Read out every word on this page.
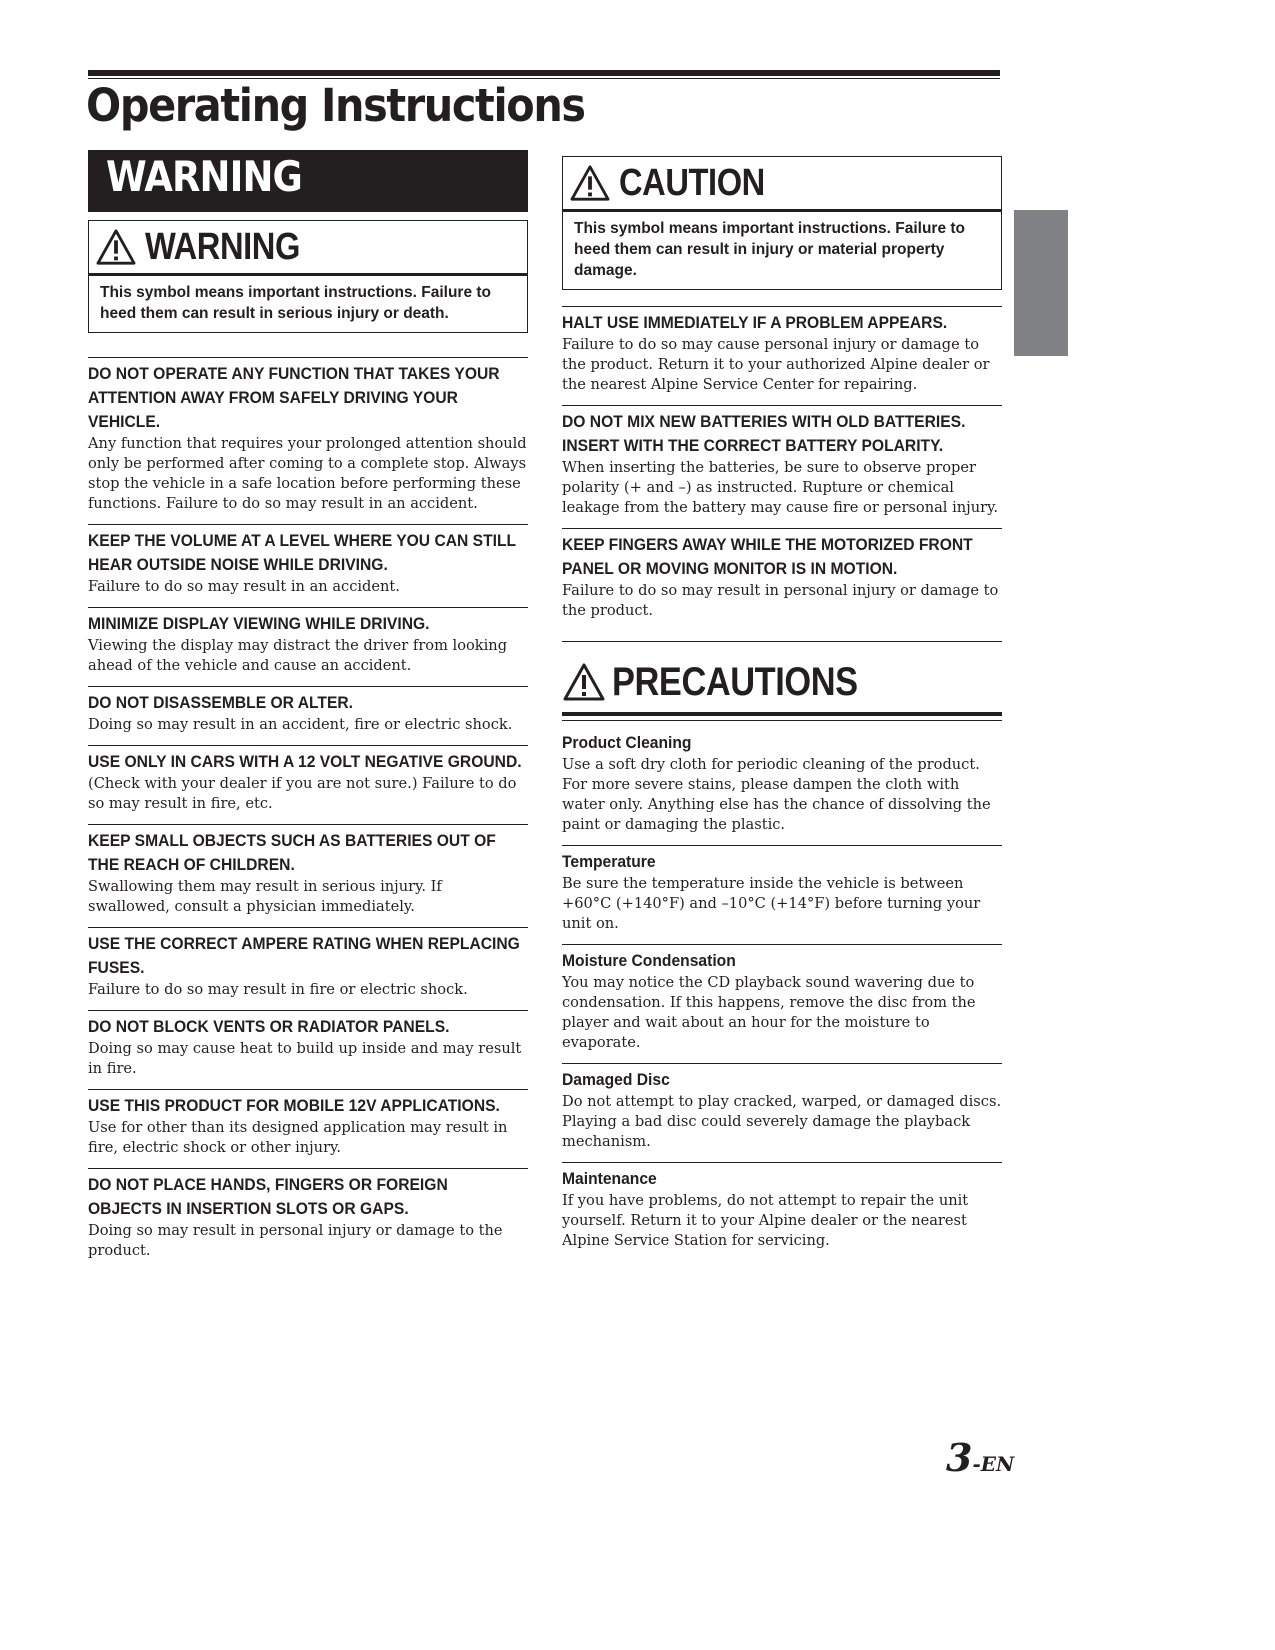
Operating Instructions
WARNING
WARNING
This symbol means important instructions. Failure to heed them can result in serious injury or death.
DO NOT OPERATE ANY FUNCTION THAT TAKES YOUR ATTENTION AWAY FROM SAFELY DRIVING YOUR VEHICLE.

Any function that requires your prolonged attention should only be performed after coming to a complete stop. Always stop the vehicle in a safe location before performing these functions. Failure to do so may result in an accident.

KEEP THE VOLUME AT A LEVEL WHERE YOU CAN STILL HEAR OUTSIDE NOISE WHILE DRIVING.

Failure to do so may result in an accident.

MINIMIZE DISPLAY VIEWING WHILE DRIVING.

Viewing the display may distract the driver from looking ahead of the vehicle and cause an accident.

DO NOT DISASSEMBLE OR ALTER.

Doing so may result in an accident, fire or electric shock.

USE ONLY IN CARS WITH A 12 VOLT NEGATIVE GROUND.

(Check with your dealer if you are not sure.) Failure to do so may result in fire, etc.

KEEP SMALL OBJECTS SUCH AS BATTERIES OUT OF THE REACH OF CHILDREN.

Swallowing them may result in serious injury. If swallowed, consult a physician immediately.

USE THE CORRECT AMPERE RATING WHEN REPLACING FUSES.

Failure to do so may result in fire or electric shock.

DO NOT BLOCK VENTS OR RADIATOR PANELS.

Doing so may cause heat to build up inside and may result in fire.

USE THIS PRODUCT FOR MOBILE 12V APPLICATIONS.

Use for other than its designed application may result in fire, electric shock or other injury.

DO NOT PLACE HANDS, FINGERS OR FOREIGN OBJECTS IN INSERTION SLOTS OR GAPS.

Doing so may result in personal injury or damage to the product.

CAUTION
This symbol means important instructions. Failure to heed them can result in injury or material property damage.
HALT USE IMMEDIATELY IF A PROBLEM APPEARS.

Failure to do so may cause personal injury or damage to the product. Return it to your authorized Alpine dealer or the nearest Alpine Service Center for repairing.

DO NOT MIX NEW BATTERIES WITH OLD BATTERIES. INSERT WITH THE CORRECT BATTERY POLARITY.

When inserting the batteries, be sure to observe proper polarity (+ and –) as instructed. Rupture or chemical leakage from the battery may cause fire or personal injury.

KEEP FINGERS AWAY WHILE THE MOTORIZED FRONT PANEL OR MOVING MONITOR IS IN MOTION.

Failure to do so may result in personal injury or damage to the product.

PRECAUTIONS
Product Cleaning

Use a soft dry cloth for periodic cleaning of the product. For more severe stains, please dampen the cloth with water only. Anything else has the chance of dissolving the paint or damaging the plastic.

Temperature

Be sure the temperature inside the vehicle is between +60°C (+140°F) and –10°C (+14°F) before turning your unit on.

Moisture Condensation

You may notice the CD playback sound wavering due to condensation. If this happens, remove the disc from the player and wait about an hour for the moisture to evaporate.

Damaged Disc

Do not attempt to play cracked, warped, or damaged discs. Playing a bad disc could severely damage the playback mechanism.

Maintenance

If you have problems, do not attempt to repair the unit yourself. Return it to your Alpine dealer or the nearest Alpine Service Station for servicing.

3-EN
